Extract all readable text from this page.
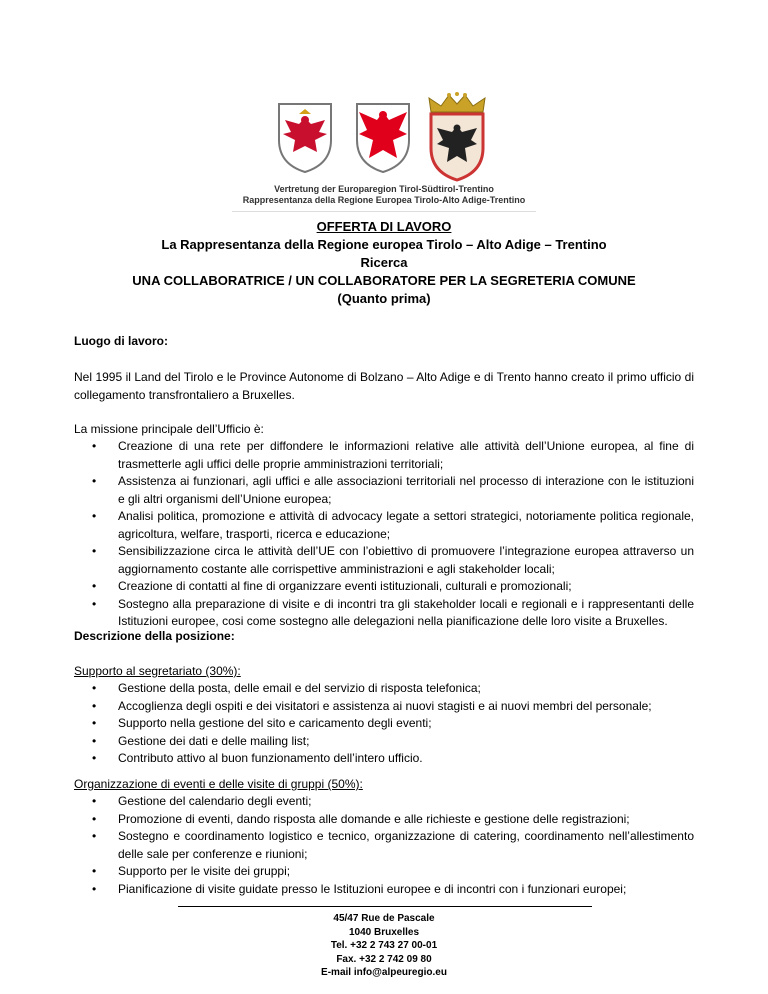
Vertretung der Europaregion Tirol-Südtirol-Trentino
Rappresentanza della Regione Europea Tirolo-Alto Adige-Trentino
OFFERTA DI LAVORO
La Rappresentanza della Regione europea Tirolo – Alto Adige – Trentino
Ricerca
UNA COLLABORATRICE / UN COLLABORATORE PER LA SEGRETERIA COMUNE
(Quanto prima)
Luogo di lavoro:
Nel 1995 il Land del Tirolo e le Province Autonome di Bolzano – Alto Adige e di Trento hanno creato il primo ufficio di collegamento transfrontaliero a Bruxelles.
La missione principale dell’Ufficio è:
• Creazione di una rete per diffondere le informazioni relative alle attività dell’Unione europea, al fine di trasmetterle agli uffici delle proprie amministrazioni territoriali;
• Assistenza ai funzionari, agli uffici e alle associazioni territoriali nel processo di interazione con le istituzioni e gli altri organismi dell’Unione europea;
• Analisi politica, promozione e attività di advocacy legate a settori strategici, notoriamente politica regionale, agricoltura, welfare, trasporti, ricerca e educazione;
• Sensibilizzazione circa le attività dell’UE con l’obiettivo di promuovere l’integrazione europea attraverso un aggiornamento costante alle corrispettive amministrazioni e agli stakeholder locali;
• Creazione di contatti al fine di organizzare eventi istituzionali, culturali e promozionali;
• Sostegno alla preparazione di visite e di incontri tra gli stakeholder locali e regionali e i rappresentanti delle Istituzioni europee, cosi come sostegno alle delegazioni nella pianificazione delle loro visite a Bruxelles.
Descrizione della posizione:
Supporto al segretariato (30%):
• Gestione della posta, delle email e del servizio di risposta telefonica;
• Accoglienza degli ospiti e dei visitatori e assistenza ai nuovi stagisti e ai nuovi membri del personale;
• Supporto nella gestione del sito e caricamento degli eventi;
• Gestione dei dati e delle mailing list;
• Contributo attivo al buon funzionamento dell’intero ufficio.
Organizzazione di eventi e delle visite di gruppi (50%):
• Gestione del calendario degli eventi;
• Promozione di eventi, dando risposta alle domande e alle richieste e gestione delle registrazioni;
• Sostegno e coordinamento logistico e tecnico, organizzazione di catering, coordinamento nell’allestimento delle sale per conferenze e riunioni;
• Supporto per le visite dei gruppi;
• Pianificazione di visite guidate presso le Istituzioni europee e di incontri con i funzionari europei;
45/47 Rue de Pascale
1040 Bruxelles
Tel. +32 2 743 27 00-01
Fax. +32 2 742 09 80
E-mail info@alpeuregio.eu
